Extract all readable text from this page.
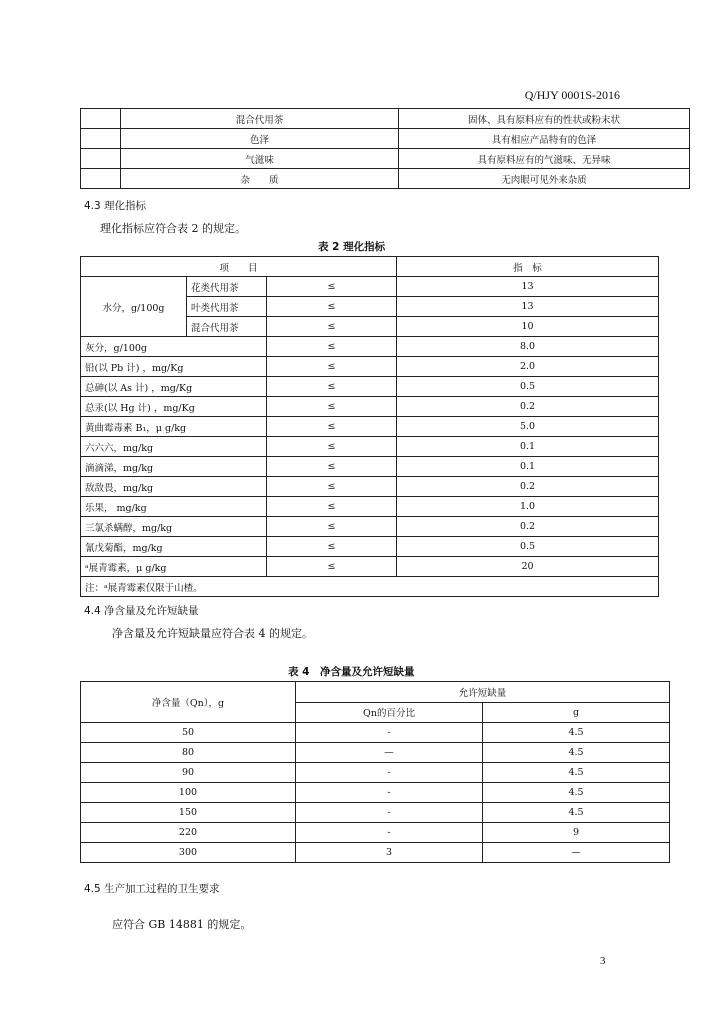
Q/HJY 0001S-2016
	混合代用茶	固体、具有原料应有的性状或粉末状
	色泽	具有相应产品特有的色泽
	气滋味	具有原料应有的气滋味、无异味
	杂　　质	无肉眼可见外来杂质
4.3 理化指标
理化指标应符合表 2 的规定。
表 2 理化指标
项　　目			指　标
水分，g/100g	花类代用茶	≤	13
	叶类代用茶	≤	13
	混合代用茶	≤	10
灰分，g/100g		≤	8.0
铅(以 Pb 计) ，mg/Kg		≤	2.0
总砷(以 As 计) ，mg/Kg		≤	0.5
总汞(以 Hg 计) ，mg/Kg		≤	0.2
黄曲霉毒素 B₁，μ g/kg		≤	5.0
六六六，mg/kg		≤	0.1
滴滴涕，mg/kg		≤	0.1
敌敌畏，mg/kg		≤	0.2
乐果， mg/kg		≤	1.0
三氯杀螨醇，mg/kg		≤	0.2
氰戊菊酯，mg/kg		≤	0.5
ᵃ展青霉素，μ g/kg		≤	20
注：ᵃ展青霉素仅限于山楂。			
4.4 净含量及允许短缺量
净含量及允许短缺量应符合表 4 的规定。
表 4　净含量及允许短缺量
净含量（Qn），g	允许短缺量	
	Qn的百分比	g
50	-	4.5
80	—	4.5
90	-	4.5
100	-	4.5
150	-	4.5
220	-	9
300	3	—
4.5 生产加工过程的卫生要求
应符合 GB 14881 的规定。
3
